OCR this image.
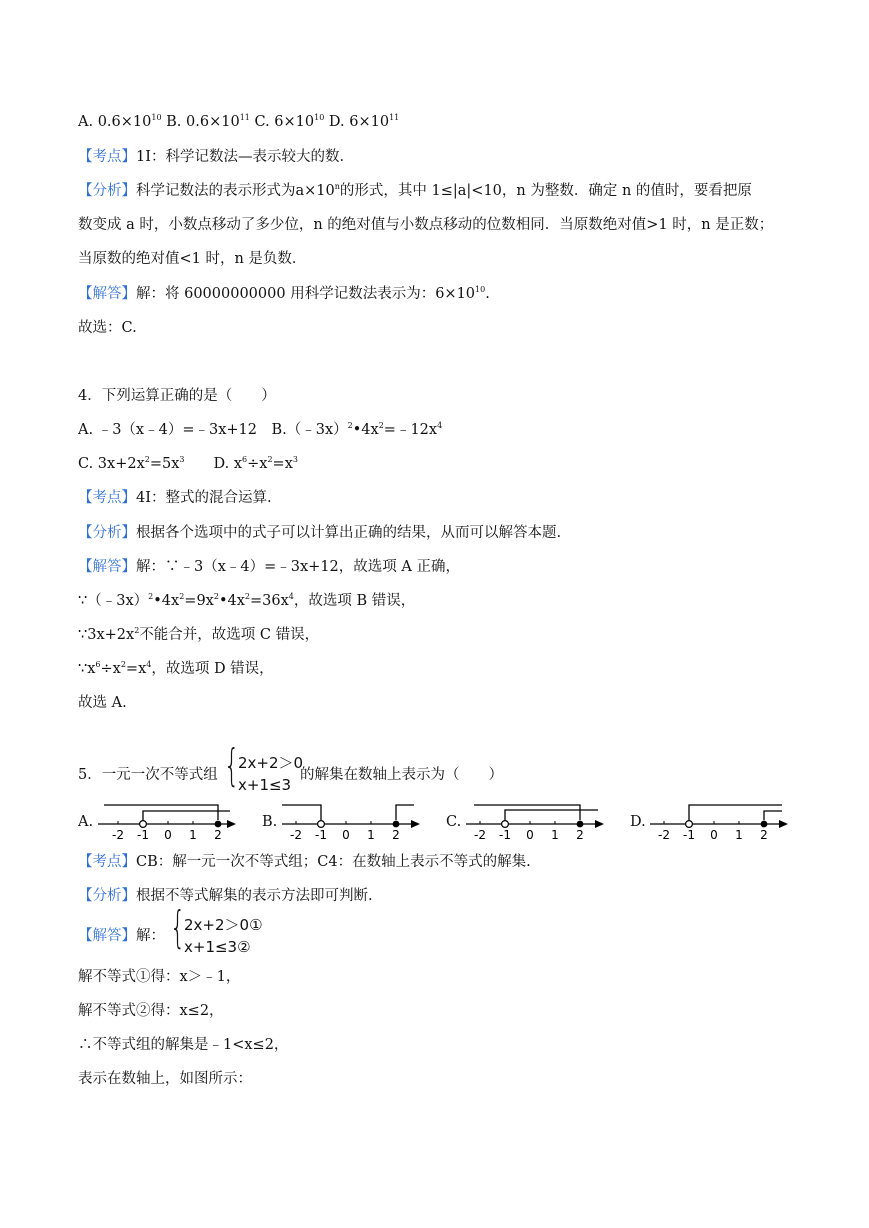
A. $0.6\times 10^{10}$ B. $0.6\times 10^{11}$ C. $6\times 10^{10}$ D. $6\times 10^{11}$
【考点】1I：科学记数法—表示较大的数.
【分析】科学记数法的表示形式为$a\times 10^n$的形式，其中 1≤|a|<10，n 为整数．确定 n 的值时，要看把原
数变成 a 时，小数点移动了多少位，n 的绝对值与小数点移动的位数相同．当原数绝对值>1 时，n 是正数；
当原数的绝对值<1 时，n 是负数．
【解答】解：将 60000000000 用科学记数法表示为：$6\times 10^{10}$.
故选：C.
4．下列运算正确的是（　　）
A. ﹣3（x﹣4）=﹣3x+12　$B.(﹣3x)^2•4x^2=﹣12x^4$
C. $3x+2x^2=5x^3$　　D. $x^6\div x^2=x^3$
【考点】4I：整式的混合运算.
【分析】根据各个选项中的式子可以计算出正确的结果，从而可以解答本题.
【解答】解：∵﹣3（x﹣4）=﹣3x+12，故选项 A 正确，
$\because(﹣3x)^2•4x^2=9x^2•4x^2=36x^4$，故选项 B 错误，
$\because 3x+2x^2$不能合并，故选项 C 错误，
$\because x^6\div x^2=x^4$，故选项 D 错误，
故选 A.
5．一元一次不等式组 {
2x+2＞0
x+1≤3
的解集在数轴上表示为（　　）
A.
-2 -1 0 1 2
B.
-2 -1 0 1 2
C.
-2 -1 0 1 2
D.
-2 -1 0 1 2
【考点】CB：解一元一次不等式组；C4：在数轴上表示不等式的解集.
【分析】根据不等式解集的表示方法即可判断.
【解答】解： {
2x+2＞0①
x+1≤3②
解不等式①得：x＞﹣1，
解不等式②得：x≤2，
∴不等式组的解集是﹣1<x≤2，
表示在数轴上，如图所示：
